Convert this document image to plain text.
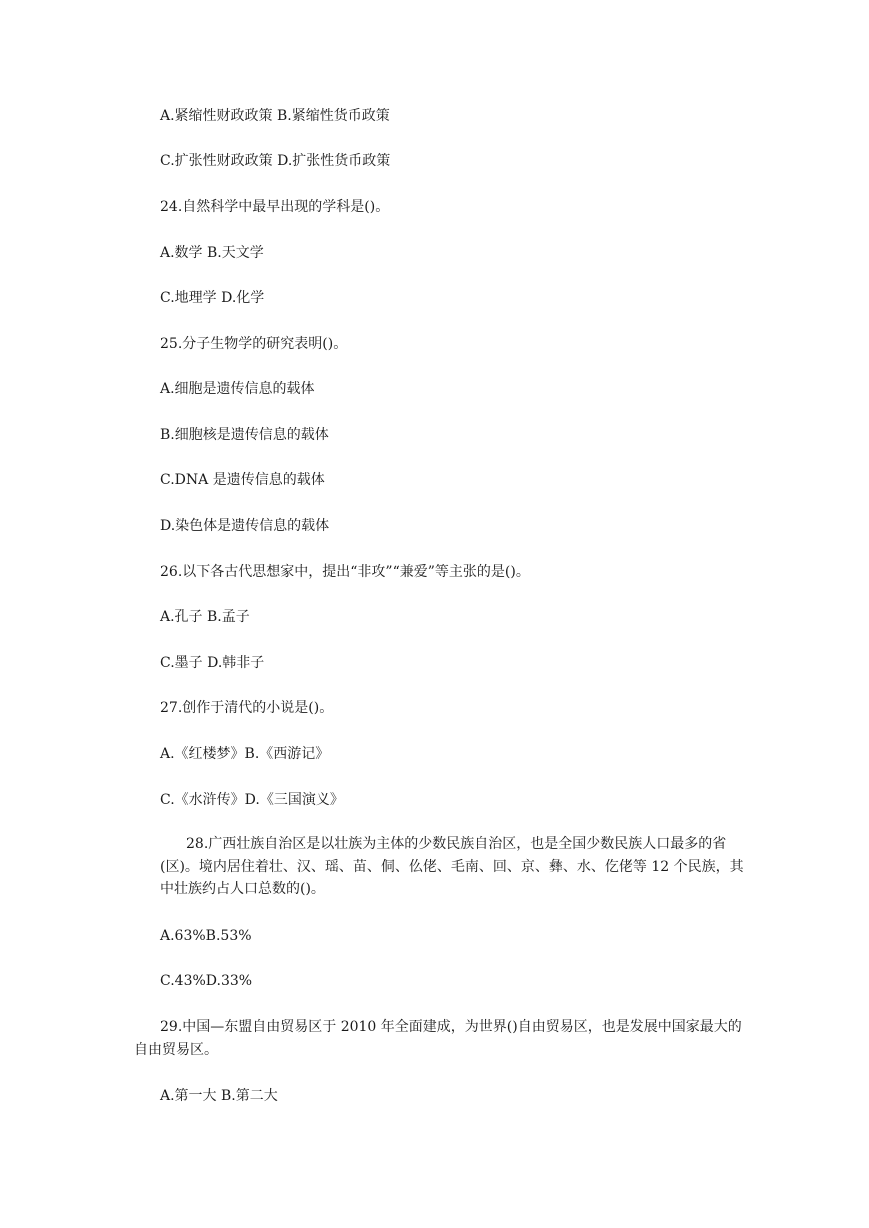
A.紧缩性财政政策 B.紧缩性货币政策
C.扩张性财政政策 D.扩张性货币政策
24.自然科学中最早出现的学科是()。
A.数学 B.天文学
C.地理学 D.化学
25.分子生物学的研究表明()。
A.细胞是遗传信息的载体
B.细胞核是遗传信息的载体
C.DNA 是遗传信息的载体
D.染色体是遗传信息的载体
26.以下各古代思想家中，提出“非攻”“兼爱”等主张的是()。
A.孔子 B.孟子
C.墨子 D.韩非子
27.创作于清代的小说是()。
A.《红楼梦》B.《西游记》
C.《水浒传》D.《三国演义》
28.广西壮族自治区是以壮族为主体的少数民族自治区，也是全国少数民族人口最多的省(区)。境内居住着壮、汉、瑶、苗、侗、仫佬、毛南、回、京、彝、水、仡佬等 12 个民族，其中壮族约占人口总数的()。
A.63%B.53%
C.43%D.33%
29.中国—东盟自由贸易区于 2010 年全面建成，为世界()自由贸易区，也是发展中国家最大的自由贸易区。
A.第一大 B.第二大
